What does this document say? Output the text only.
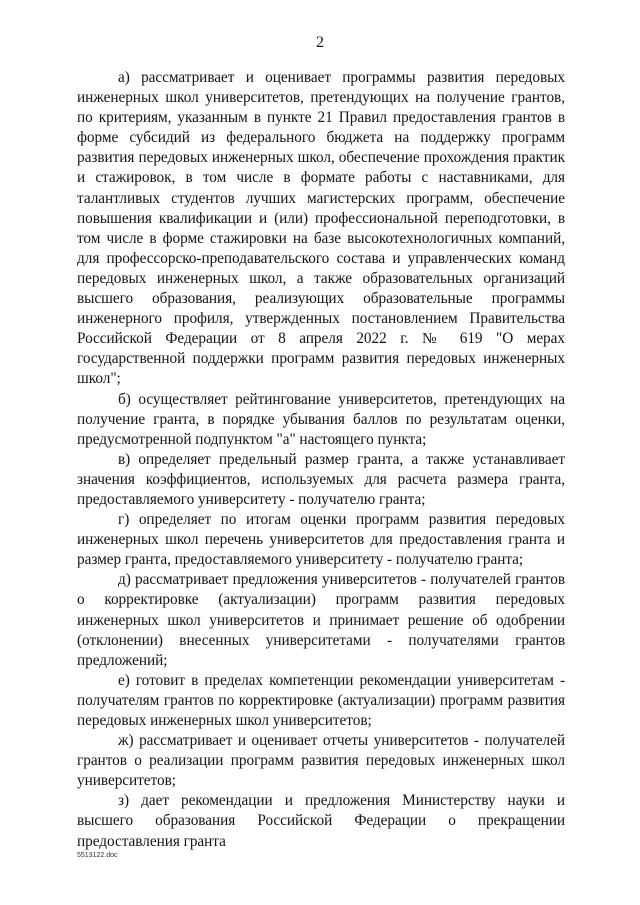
2

а) рассматривает и оценивает программы развития передовых инженерных школ университетов, претендующих на получение грантов, по критериям, указанным в пункте 21 Правил предоставления грантов в форме субсидий из федерального бюджета на поддержку программ развития передовых инженерных школ, обеспечение прохождения практик и стажировок, в том числе в формате работы с наставниками, для талантливых студентов лучших магистерских программ, обеспечение повышения квалификации и (или) профессиональной переподготовки, в том числе в форме стажировки на базе высокотехнологичных компаний, для профессорско-преподавательского состава и управленческих команд передовых инженерных школ, а также образовательных организаций высшего образования, реализующих образовательные программы инженерного профиля, утвержденных постановлением Правительства Российской Федерации от 8 апреля 2022 г. № 619 "О мерах государственной поддержки программ развития передовых инженерных школ";

б) осуществляет рейтингование университетов, претендующих на получение гранта, в порядке убывания баллов по результатам оценки, предусмотренной подпунктом "а" настоящего пункта;

в) определяет предельный размер гранта, а также устанавливает значения коэффициентов, используемых для расчета размера гранта, предоставляемого университету - получателю гранта;

г) определяет по итогам оценки программ развития передовых инженерных школ перечень университетов для предоставления гранта и размер гранта, предоставляемого университету - получателю гранта;

д) рассматривает предложения университетов - получателей грантов о корректировке (актуализации) программ развития передовых инженерных школ университетов и принимает решение об одобрении (отклонении) внесенных университетами - получателями грантов предложений;

е) готовит в пределах компетенции рекомендации университетам - получателям грантов по корректировке (актуализации) программ развития передовых инженерных школ университетов;

ж) рассматривает и оценивает отчеты университетов - получателей грантов о реализации программ развития передовых инженерных школ университетов;

з) дает рекомендации и предложения Министерству науки и высшего образования Российской Федерации о прекращении предоставления гранта

5513122.doc
